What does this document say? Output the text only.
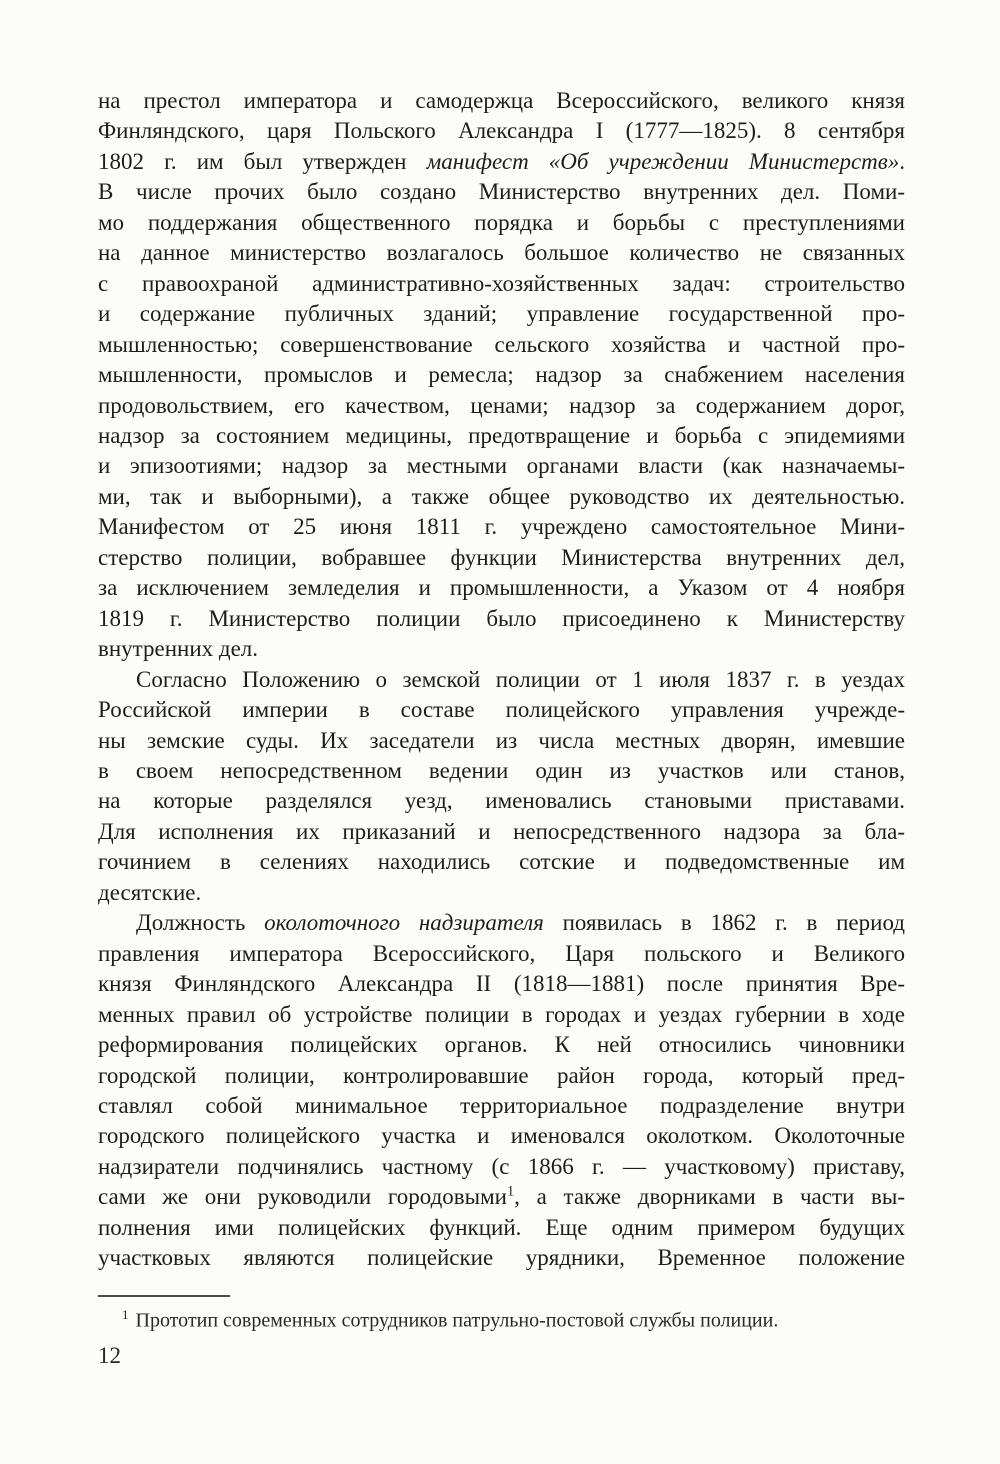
на престол императора и самодержца Всероссийского, великого князя
Финляндского, царя Польского Александра I (1777—1825). 8 сентября
1802 г. им был утвержден манифест «Об учреждении Министерств».
В числе прочих было создано Министерство внутренних дел. Поми-
мо поддержания общественного порядка и борьбы с преступлениями
на данное министерство возлагалось большое количество не связанных
с правоохраной административно-хозяйственных задач: строительство
и содержание публичных зданий; управление государственной про-
мышленностью; совершенствование сельского хозяйства и частной про-
мышленности, промыслов и ремесла; надзор за снабжением населения
продовольствием, его качеством, ценами; надзор за содержанием дорог,
надзор за состоянием медицины, предотвращение и борьба с эпидемиями
и эпизоотиями; надзор за местными органами власти (как назначаемы-
ми, так и выборными), а также общее руководство их деятельностью.
Манифестом от 25 июня 1811 г. учреждено самостоятельное Мини-
стерство полиции, вобравшее функции Министерства внутренних дел,
за исключением земледелия и промышленности, а Указом от 4 ноября
1819 г. Министерство полиции было присоединено к Министерству
внутренних дел.
Согласно Положению о земской полиции от 1 июля 1837 г. в уездах
Российской империи в составе полицейского управления учрежде-
ны земские суды. Их заседатели из числа местных дворян, имевшие
в своем непосредственном ведении один из участков или станов,
на которые разделялся уезд, именовались становыми приставами.
Для исполнения их приказаний и непосредственного надзора за бла-
гочинием в селениях находились сотские и подведомственные им
десятские.
Должность околоточного надзирателя появилась в 1862 г. в период
правления императора Всероссийского, Царя польского и Великого
князя Финляндского Александра II (1818—1881) после принятия Вре-
менных правил об устройстве полиции в городах и уездах губернии в ходе
реформирования полицейских органов. К ней относились чиновники
городской полиции, контролировавшие район города, который пред-
ставлял собой минимальное территориальное подразделение внутри
городского полицейского участка и именовался околотком. Околоточные
надзиратели подчинялись частному (с 1866 г. — участковому) приставу,
сами же они руководили городовыми$^1$, а также дворниками в части вы-
полнения ими полицейских функций. Еще одним примером будущих
участковых являются полицейские урядники, Временное положение
$^1$ Прототип современных сотрудников патрульно-постовой службы полиции.
12
